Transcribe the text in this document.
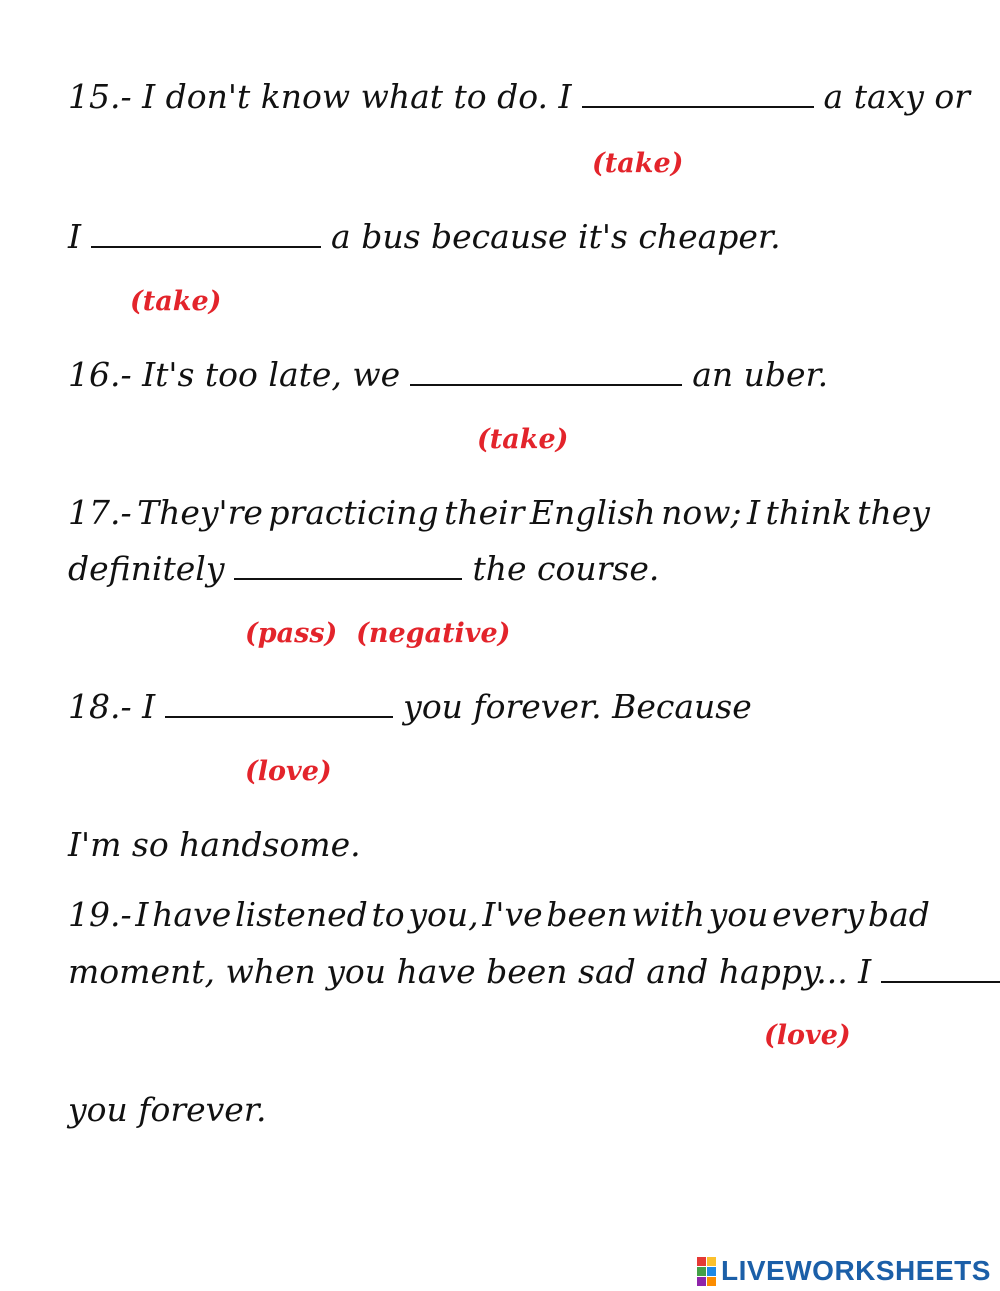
15.- I don't know what to do. I	a taxy or
(take)
I	a bus because it's cheaper.
(take)
16.- It's too late, we	an uber.
(take)
17.- They're practicing their English now; I think they
definitely	the course.
(pass)  (negative)
18.- I	you forever. Because
(love)
I'm so handsome.
19.- I have listened to you, I've been with you every bad
moment, when you have been sad and happy... I
(love)
you forever.
LIVEWORKSHEETS
